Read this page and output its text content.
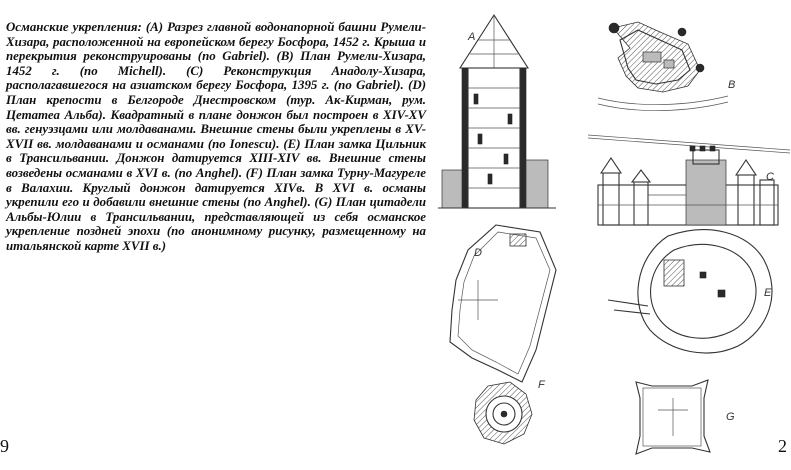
Османские укрепления: (A) Разрез главной водонапорной башни Румели-Хизара, расположенной на европейском берегу Босфора, 1452 г. Крыша и перекрытия реконструированы (по Gabriel). (B) План Румели-Хизара, 1452 г. (по Michell). (C) Реконструкция Анадолу-Хизара, располагавшегося на азиатском берегу Босфора, 1395 г. (по Gabriel). (D) План крепости в Белгороде Днестровском (тур. Ак-Кирман, рум. Цетатеа Альба). Квадратный в плане донжон был построен в XIV-XV вв. генуэзцами или молдаванами. Внешние стены были укреплены в XV-XVII вв. молдаванами и османами (по Ionescu). (E) План замка Цильник в Трансильвании. Донжон датируется XIII-XIV вв. Внешние стены возведены османами в XVI в. (по Anghel). (F) План замка Турну-Магуреле в Валахии. Круглый донжон датируется XIVв. В XVI в. османы укрепили его и добавили внешние стены (по Anghel). (G) План цитадели Альбы-Юлии в Трансильвании, представляющей из себя османское укрепление поздней эпохи (по анонимному рисунку, размещенному на итальянской карте XVII в.)
9	2
A
B
C
D
E
F
G
